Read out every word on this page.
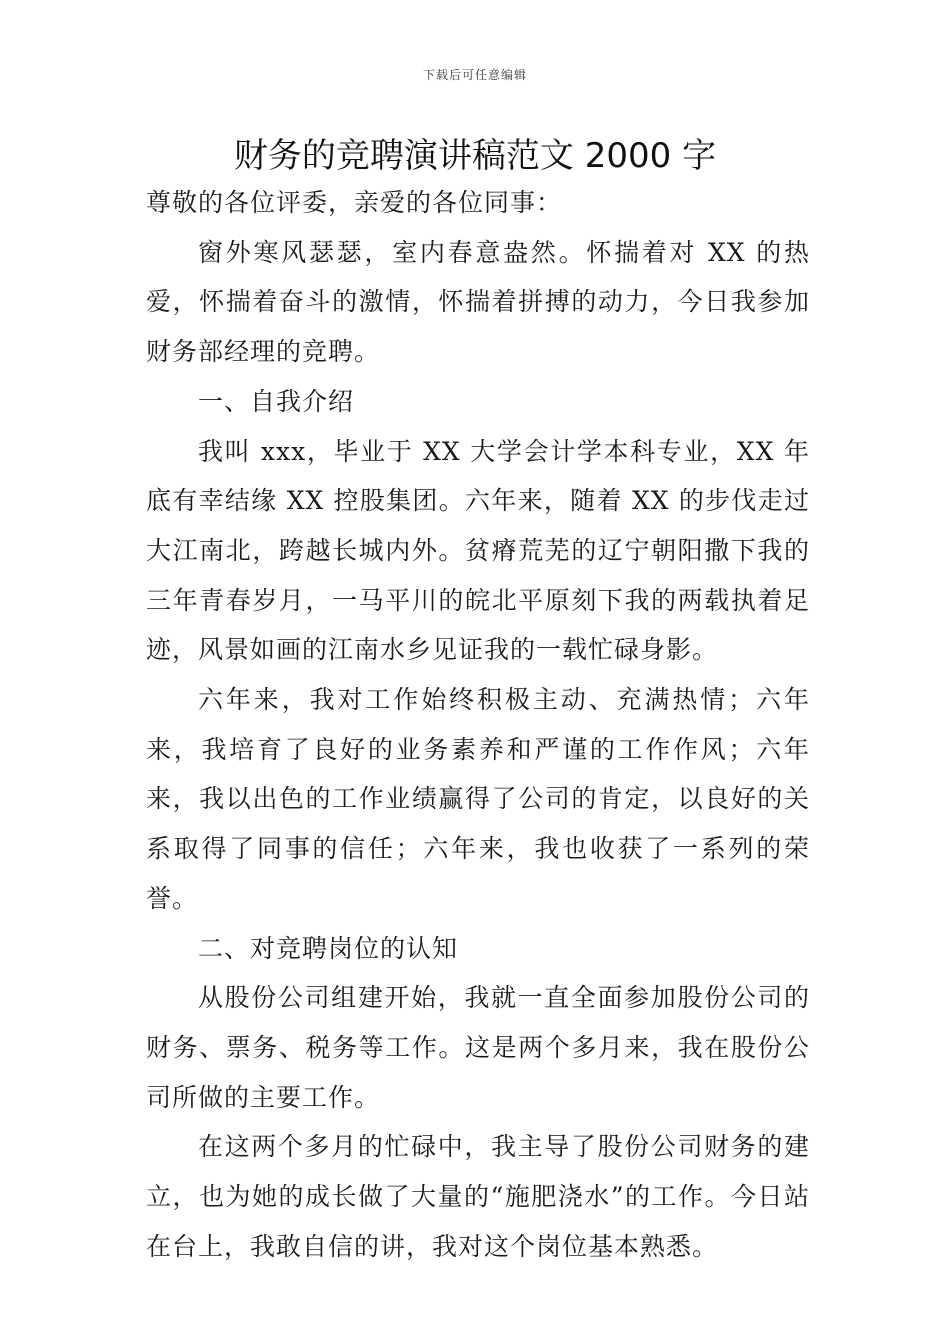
下载后可任意编辑
财务的竞聘演讲稿范文 2000 字

尊敬的各位评委，亲爱的各位同事：

窗外寒风瑟瑟，室内春意盎然。怀揣着对 XX 的热爱，怀揣着奋斗的激情，怀揣着拼搏的动力，今日我参加财务部经理的竞聘。

一、自我介绍

我叫 xxx，毕业于 XX 大学会计学本科专业，XX 年底有幸结缘 XX 控股集团。六年来，随着 XX 的步伐走过大江南北，跨越长城内外。贫瘠荒芜的辽宁朝阳撒下我的三年青春岁月，一马平川的皖北平原刻下我的两载执着足迹，风景如画的江南水乡见证我的一载忙碌身影。

六年来，我对工作始终积极主动、充满热情；六年来，我培育了良好的业务素养和严谨的工作作风；六年来，我以出色的工作业绩赢得了公司的肯定，以良好的关系取得了同事的信任；六年来，我也收获了一系列的荣誉。

二、对竞聘岗位的认知

从股份公司组建开始，我就一直全面参加股份公司的财务、票务、税务等工作。这是两个多月来，我在股份公司所做的主要工作。

在这两个多月的忙碌中，我主导了股份公司财务的建立，也为她的成长做了大量的“施肥浇水”的工作。今日站在台上，我敢自信的讲，我对这个岗位基本熟悉。
